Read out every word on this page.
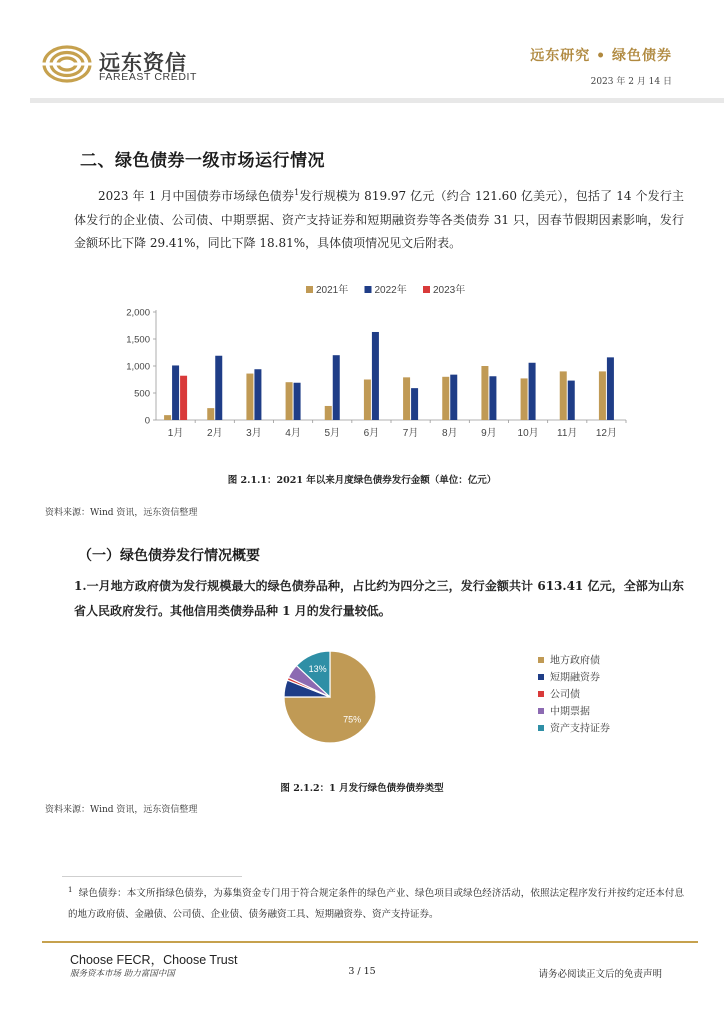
远东资信
FAREAST CREDIT
远东研究 • 绿色债券
2023 年 2 月 14 日
二、绿色债券一级市场运行情况
2023 年 1 月中国债券市场绿色债券$^1$发行规模为 819.97 亿元（约合 121.60 亿美元），包括了 14 个发行主体发行的企业债、公司债、中期票据、资产支持证券和短期融资券等各类债券 31 只，因春节假期因素影响，发行金额环比下降 29.41%，同比下降 18.81%，具体债项情况见文后附表。
2021年	2022年	2023年
0
500
1,000
1,500
2,000
1月 2月 3月 4月 5月 6月 7月 8月 9月 10月 11月 12月
图 2.1.1：2021 年以来月度绿色债券发行金额（单位：亿元）
资料来源：Wind 资讯，远东资信整理
（一）绿色债券发行情况概要
1.一月地方政府债为发行规模最大的绿色债券品种，占比约为四分之三，发行金额共计 613.41 亿元，全部为山东省人民政府发行。其他信用类债券品种 1 月的发行量较低。
75%
13%
地方政府债
短期融资券
公司债
中期票据
资产支持证券
图 2.1.2：1 月发行绿色债券债券类型
资料来源：Wind 资讯，远东资信整理
$^1$ 绿色债券：本文所指绿色债券，为募集资金专门用于符合规定条件的绿色产业、绿色项目或绿色经济活动，依照法定程序发行并按约定还本付息的地方政府债、金融债、公司债、企业债、债务融资工具、短期融资券、资产支持证券。
Choose FECR，Choose Trust
服务资本市场 助力富国中国	3 / 15	请务必阅读正文后的免责声明
